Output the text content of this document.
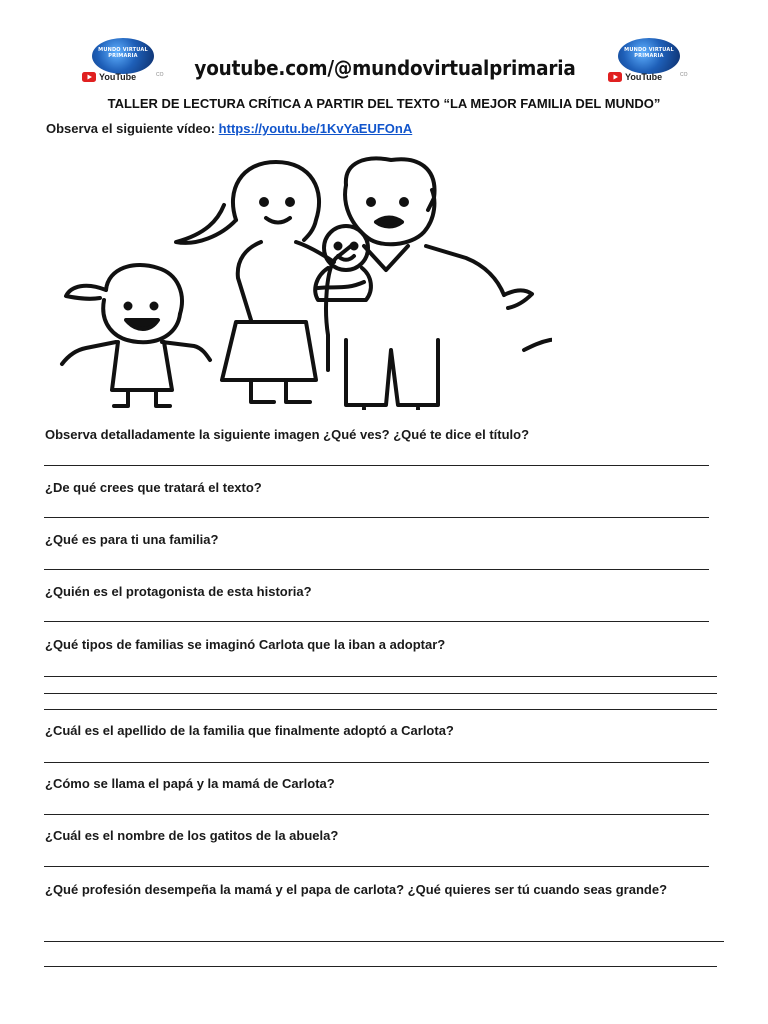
MUNDO VIRTUAL PRIMARIA
YouTube	CO
MUNDO VIRTUAL PRIMARIA
YouTube	CO
youtube.com/@mundovirtualprimaria
TALLER DE LECTURA CRÍTICA A PARTIR DEL TEXTO “LA MEJOR FAMILIA DEL MUNDO”
Observa el siguiente vídeo: https://youtu.be/1KvYaEUFOnA
Observa detalladamente la siguiente imagen ¿Qué ves? ¿Qué te dice el título?
¿De qué crees que tratará el texto?
¿Qué es para ti una familia?
¿Quién es el protagonista de esta historia?
¿Qué tipos de familias se imaginó Carlota que la iban a adoptar?
¿Cuál es el apellido de la familia que finalmente adoptó a Carlota?
¿Cómo se llama el papá y la mamá de Carlota?
¿Cuál es el nombre de los gatitos de la abuela?
¿Qué profesión desempeña la mamá y el papa de carlota? ¿Qué quieres ser tú cuando seas grande?
